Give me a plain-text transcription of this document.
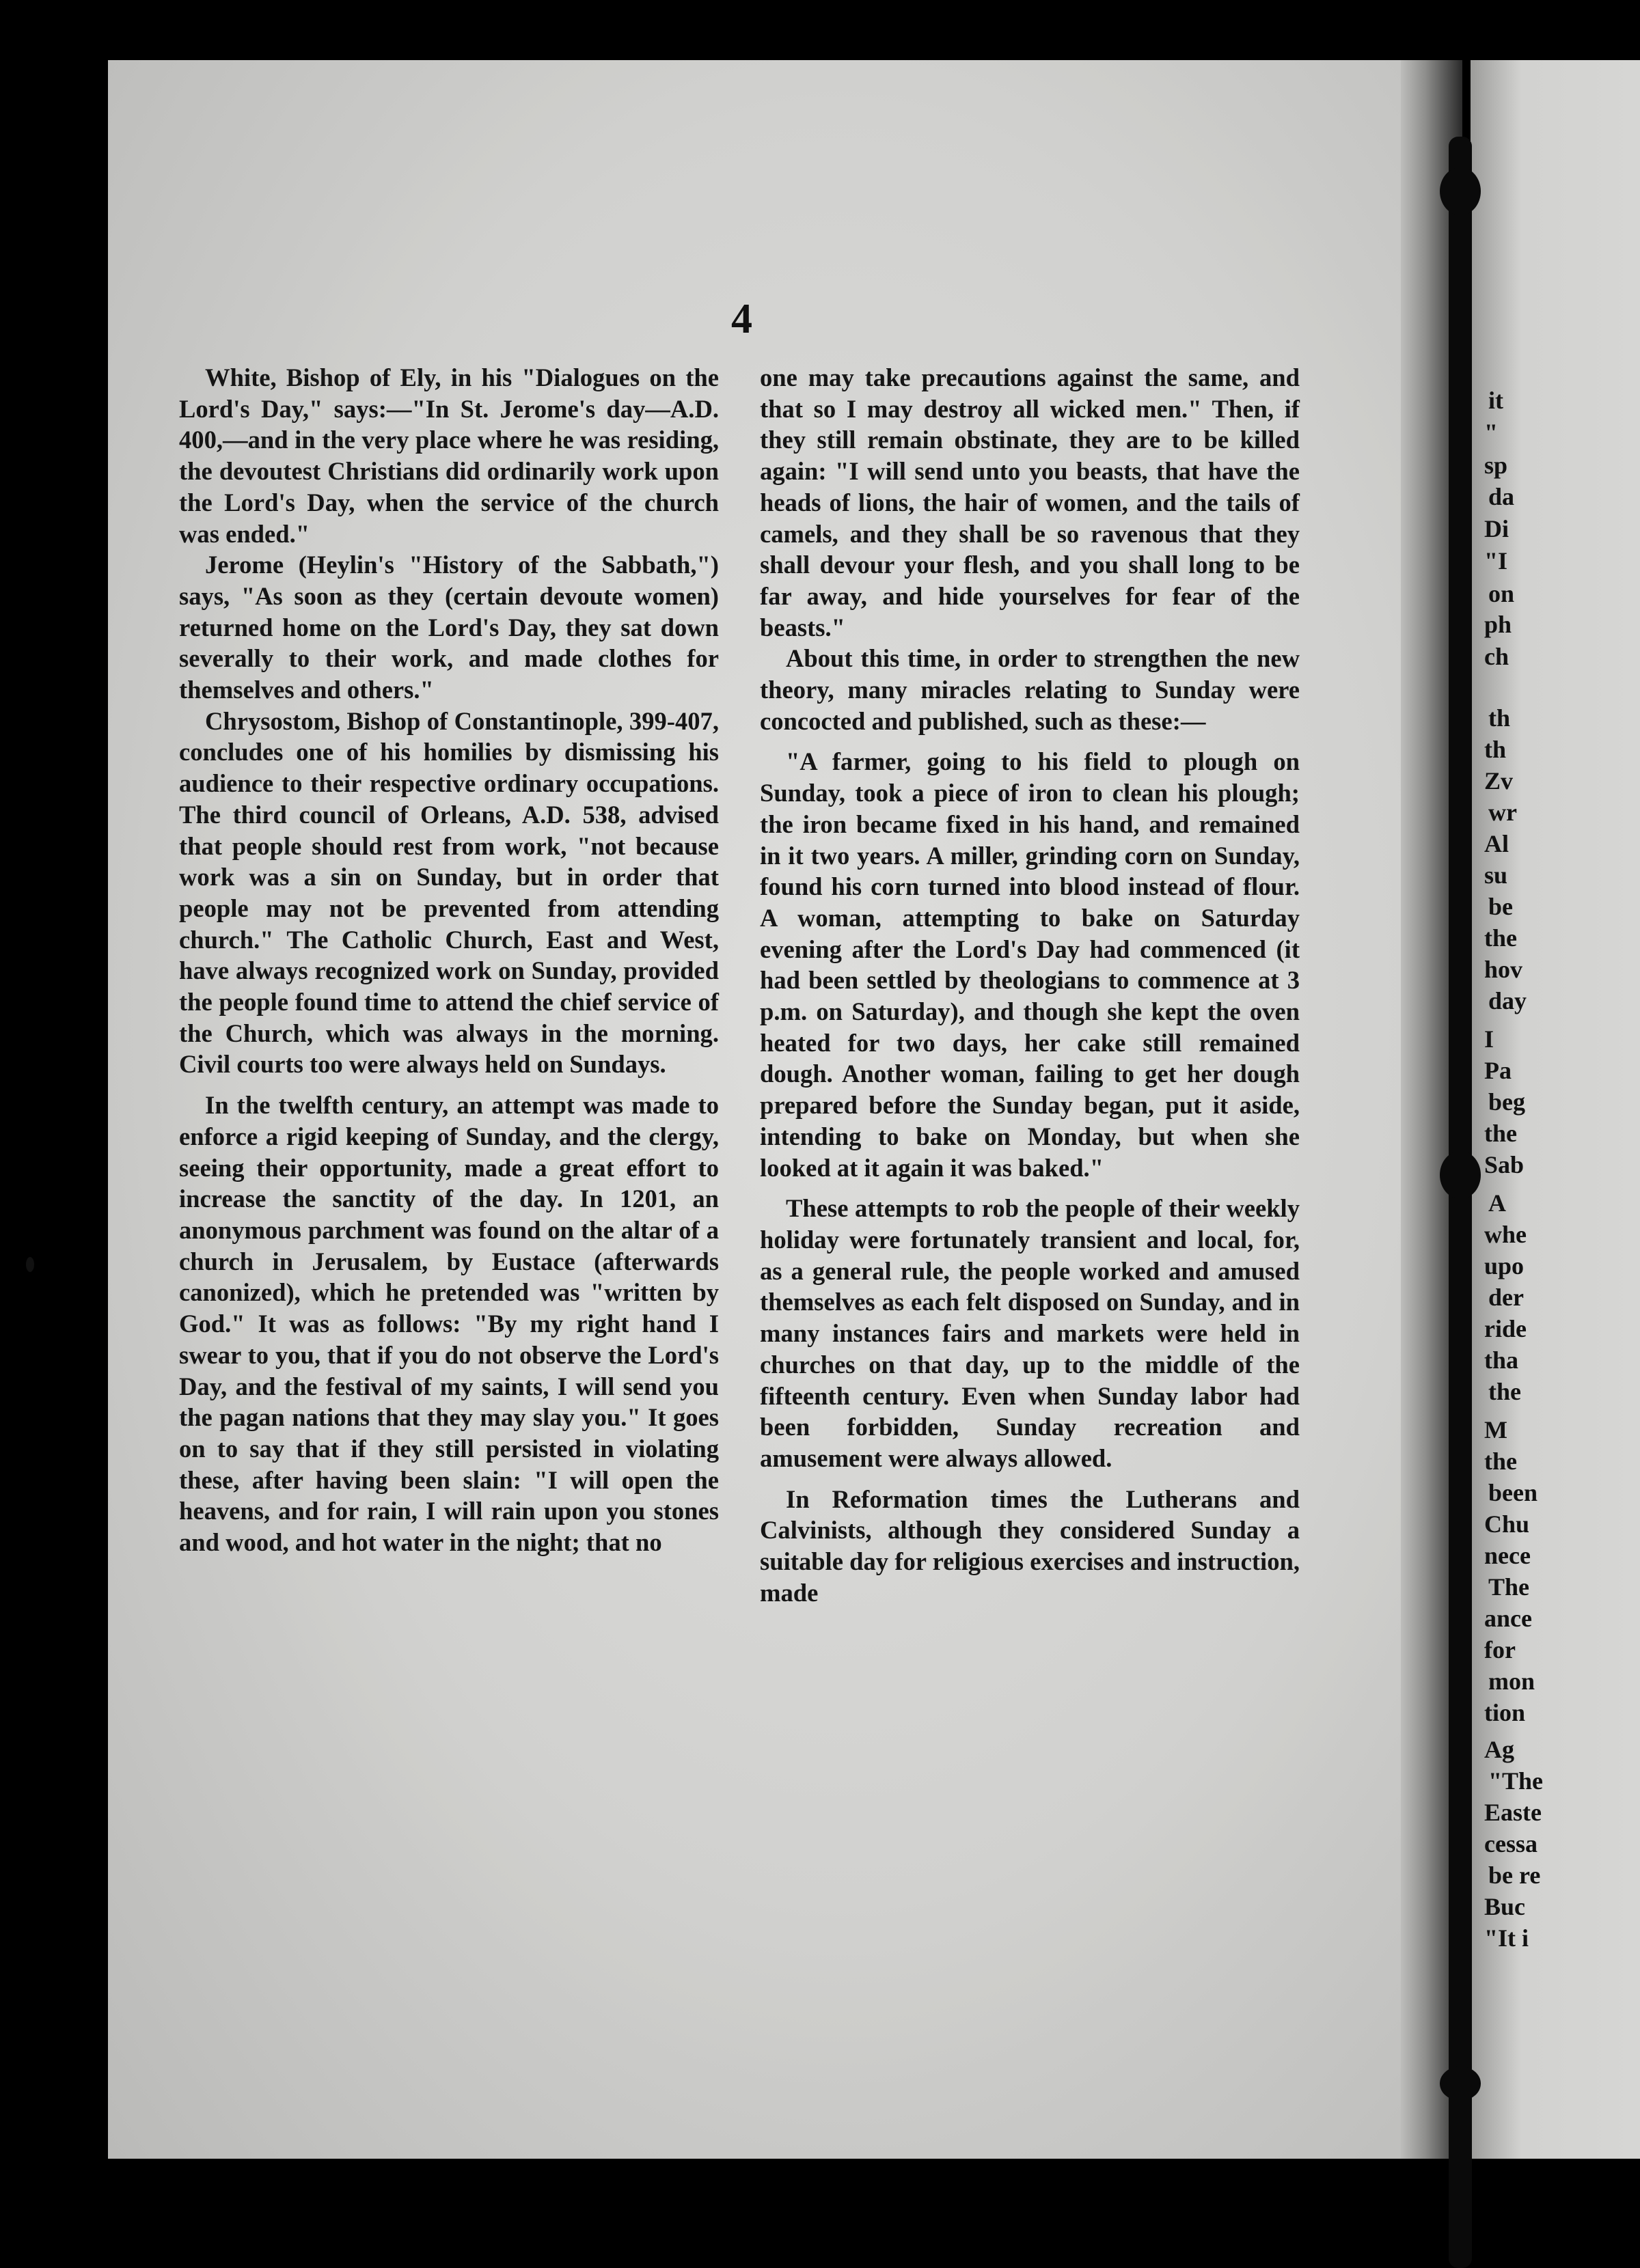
it
"
sp
da
Di
"I
on
ph
ch
th
th
Zv
wr
Al
su
be
the
hov
day
I
Pa
beg
the
Sab
A
whe
upo
der
ride
tha
the
M
the
been
Chu
nece
The
ance
for
mon
tion
Ag
"The
Easte
cessa
be re
Buc
"It i
4

White, Bishop of Ely, in his "Dialogues on the Lord's Day," says:—"In St. Jerome's day—A.D. 400,—and in the very place where he was residing, the devoutest Christians did ordinarily work upon the Lord's Day, when the service of the church was ended."

Jerome (Heylin's "History of the Sabbath,") says, "As soon as they (certain devoute women) returned home on the Lord's Day, they sat down severally to their work, and made clothes for themselves and others."

Chrysostom, Bishop of Constantinople, 399-407, concludes one of his homilies by dismissing his audience to their respective ordinary occupations. The third council of Orleans, A.D. 538, advised that people should rest from work, "not because work was a sin on Sunday, but in order that people may not be prevented from attending church." The Catholic Church, East and West, have always recognized work on Sunday, provided the people found time to attend the chief service of the Church, which was always in the morning. Civil courts too were always held on Sundays.

In the twelfth century, an attempt was made to enforce a rigid keeping of Sunday, and the clergy, seeing their opportunity, made a great effort to increase the sanctity of the day. In 1201, an anonymous parchment was found on the altar of a church in Jerusalem, by Eustace (afterwards canonized), which he pretended was "written by God." It was as follows: "By my right hand I swear to you, that if you do not observe the Lord's Day, and the festival of my saints, I will send you the pagan nations that they may slay you." It goes on to say that if they still persisted in violating these, after having been slain: "I will open the heavens, and for rain, I will rain upon you stones and wood, and hot water in the night; that no

one may take precautions against the same, and that so I may destroy all wicked men." Then, if they still remain obstinate, they are to be killed again: "I will send unto you beasts, that have the heads of lions, the hair of women, and the tails of camels, and they shall be so ravenous that they shall devour your flesh, and you shall long to be far away, and hide yourselves for fear of the beasts."

About this time, in order to strengthen the new theory, many miracles relating to Sunday were concocted and published, such as these:—

"A farmer, going to his field to plough on Sunday, took a piece of iron to clean his plough; the iron became fixed in his hand, and remained in it two years. A miller, grinding corn on Sunday, found his corn turned into blood instead of flour. A woman, attempting to bake on Saturday evening after the Lord's Day had commenced (it had been settled by theologians to commence at 3 p.m. on Saturday), and though she kept the oven heated for two days, her cake still remained dough. Another woman, failing to get her dough prepared before the Sunday began, put it aside, intending to bake on Monday, but when she looked at it again it was baked."

These attempts to rob the people of their weekly holiday were fortunately transient and local, for, as a general rule, the people worked and amused themselves as each felt disposed on Sunday, and in many instances fairs and markets were held in churches on that day, up to the middle of the fifteenth century. Even when Sunday labor had been forbidden, Sunday recreation and amusement were always allowed.

In Reformation times the Lutherans and Calvinists, although they considered Sunday a suitable day for religious exercises and instruction, made
